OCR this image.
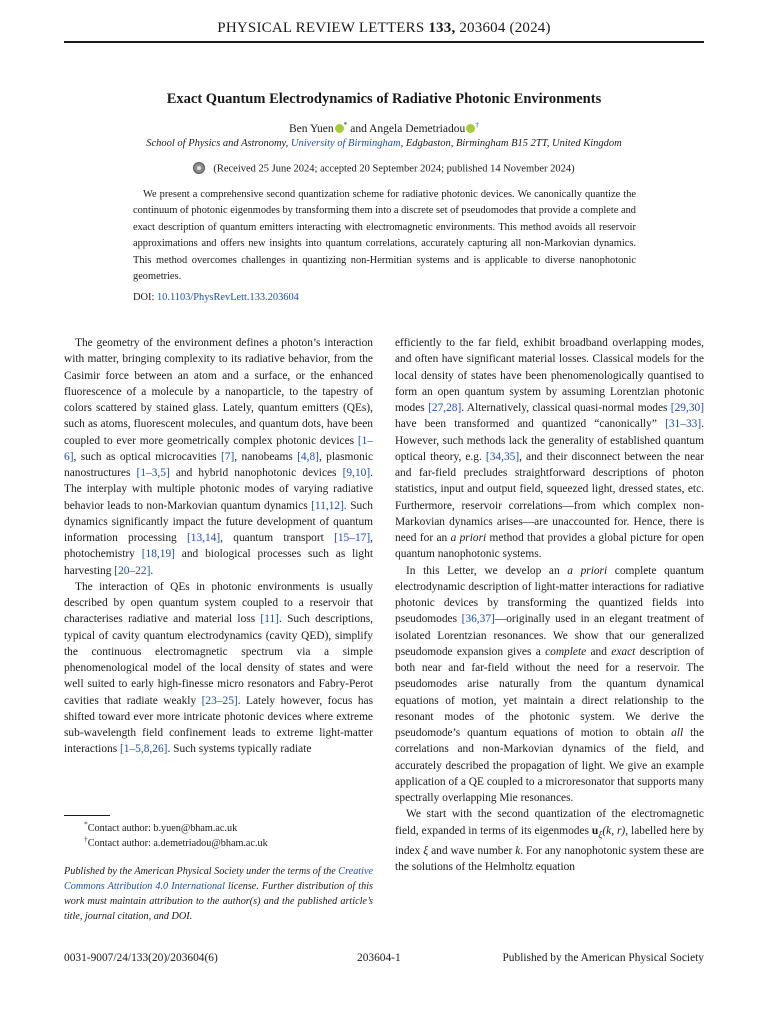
PHYSICAL REVIEW LETTERS 133, 203604 (2024)
Exact Quantum Electrodynamics of Radiative Photonic Environments
Ben Yuen * and Angela Demetriadou †
School of Physics and Astronomy, University of Birmingham, Edgbaston, Birmingham B15 2TT, United Kingdom
(Received 25 June 2024; accepted 20 September 2024; published 14 November 2024)
We present a comprehensive second quantization scheme for radiative photonic devices. We canonically quantize the continuum of photonic eigenmodes by transforming them into a discrete set of pseudomodes that provide a complete and exact description of quantum emitters interacting with electromagnetic environments. This method avoids all reservoir approximations and offers new insights into quantum correlations, accurately capturing all non-Markovian dynamics. This method overcomes challenges in quantizing non-Hermitian systems and is applicable to diverse nanophotonic geometries.
DOI: 10.1103/PhysRevLett.133.203604

The geometry of the environment defines a photon’s interaction with matter, bringing complexity to its radiative behavior, from the Casimir force between an atom and a surface, or the enhanced fluorescence of a molecule by a nanoparticle, to the tapestry of colors scattered by stained glass. Lately, quantum emitters (QEs), such as atoms, fluorescent molecules, and quantum dots, have been coupled to ever more geometrically complex photonic devices [1–6], such as optical microcavities [7], nanobeams [4,8], plasmonic nanostructures [1–3,5] and hybrid nanophotonic devices [9,10]. The interplay with multiple photonic modes of varying radiative behavior leads to non-Markovian quantum dynamics [11,12]. Such dynamics significantly impact the future development of quantum information processing [13,14], quantum transport [15–17], photochemistry [18,19] and biological processes such as light harvesting [20–22].

The interaction of QEs in photonic environments is usually described by open quantum system coupled to a reservoir that characterises radiative and material loss [11]. Such descriptions, typical of cavity quantum electrodynamics (cavity QED), simplify the continuous electromagnetic spectrum via a simple phenomenological model of the local density of states and were well suited to early high-finesse micro resonators and Fabry-Perot cavities that radiate weakly [23–25]. Lately however, focus has shifted toward ever more intricate photonic devices where extreme sub-wavelength field confinement leads to extreme light-matter interactions [1–5,8,26]. Such systems typically radiate

*Contact author: b.yuen@bham.ac.uk
†Contact author: a.demetriadou@bham.ac.uk
Published by the American Physical Society under the terms of the Creative Commons Attribution 4.0 International license. Further distribution of this work must maintain attribution to the author(s) and the published article’s title, journal citation, and DOI.

efficiently to the far field, exhibit broadband overlapping modes, and often have significant material losses. Classical models for the local density of states have been phenomenologically quantised to form an open quantum system by assuming Lorentzian photonic modes [27,28]. Alternatively, classical quasi-normal modes [29,30] have been transformed and quantized “canonically” [31–33]. However, such methods lack the generality of established quantum optical theory, e.g. [34,35], and their disconnect between the near and far-field precludes straightforward descriptions of photon statistics, input and output field, squeezed light, dressed states, etc. Furthermore, reservoir correlations—from which complex non-Markovian dynamics arises—are unaccounted for. Hence, there is need for an a priori method that provides a global picture for open quantum nanophotonic systems.

In this Letter, we develop an a priori complete quantum electrodynamic description of light-matter interactions for radiative photonic devices by transforming the quantized fields into pseudomodes [36,37]—originally used in an elegant treatment of isolated Lorentzian resonances. We show that our generalized pseudomode expansion gives a complete and exact description of both near and far-field without the need for a reservoir. The pseudomodes arise naturally from the quantum dynamical equations of motion, yet maintain a direct relationship to the resonant modes of the photonic system. We derive the pseudomode’s quantum equations of motion to obtain all the correlations and non-Markovian dynamics of the field, and accurately described the propagation of light. We give an example application of a QE coupled to a microresonator that supports many spectrally overlapping Mie resonances.

We start with the second quantization of the electromagnetic field, expanded in terms of its eigenmodes $u_\xi(k$, r), labelled here by index ξ and wave number k. For any nanophotonic system these are the solutions of the Helmholtz equation

0031-9007/24/133(20)/203604(6)	203604-1	Published by the American Physical Society
